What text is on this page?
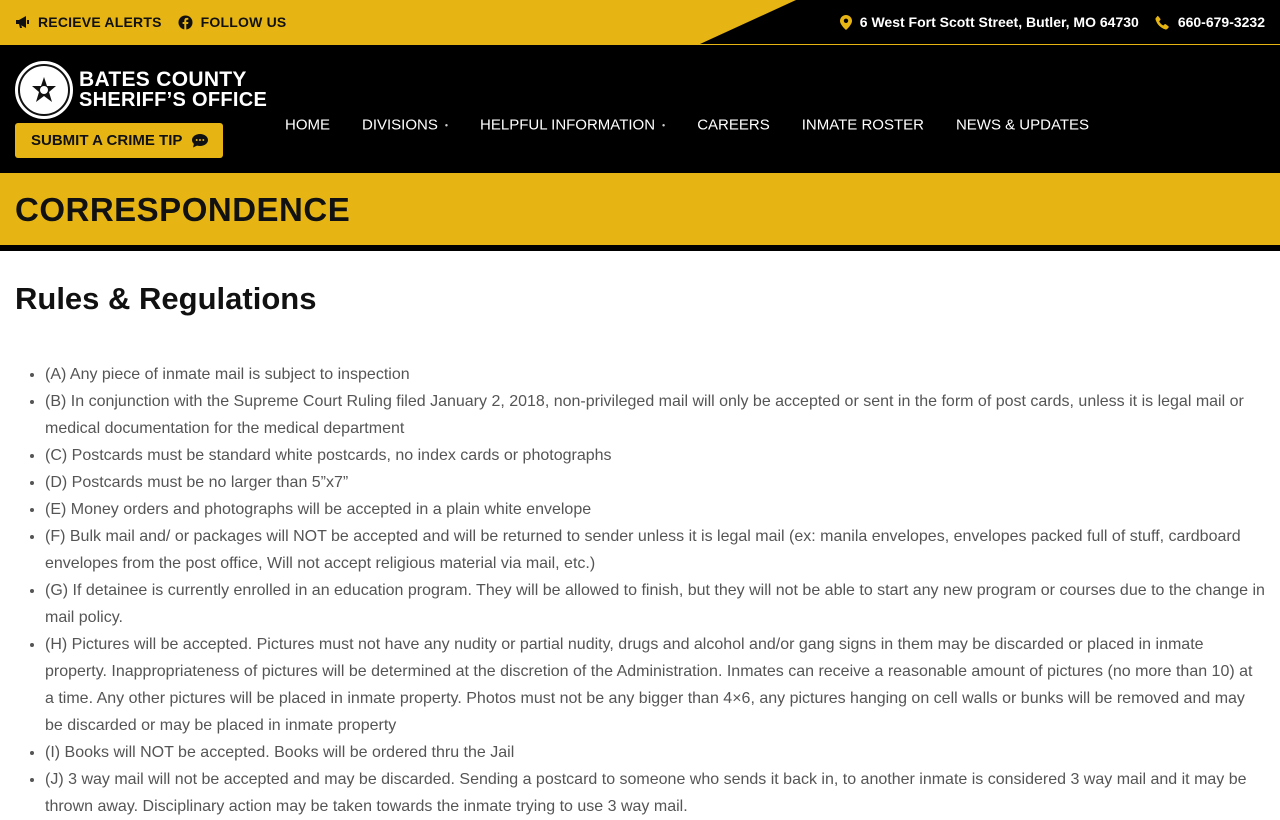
RECIEVE ALERTS	FOLLOW US	6 West Fort Scott Street, Butler, MO 64730	660-679-3232
BATES COUNTY
SHERIFF’S OFFICE
HOME DIVISIONS • HELPFUL INFORMATION • CAREERS INMATE ROSTER NEWS & UPDATES
SUBMIT A CRIME TIP
CORRESPONDENCE
Rules & Regulations
• (A) Any piece of inmate mail is subject to inspection
• (B) In conjunction with the Supreme Court Ruling filed January 2, 2018, non-privileged mail will only be accepted or sent in the form of post cards, unless it is legal mail or medical documentation for the medical department
• (C) Postcards must be standard white postcards, no index cards or photographs
• (D) Postcards must be no larger than 5”x7”
• (E) Money orders and photographs will be accepted in a plain white envelope
• (F) Bulk mail and/ or packages will NOT be accepted and will be returned to sender unless it is legal mail (ex: manila envelopes, envelopes packed full of stuff, cardboard envelopes from the post office, Will not accept religious material via mail, etc.)
• (G) If detainee is currently enrolled in an education program. They will be allowed to finish, but they will not be able to start any new program or courses due to the change in mail policy.
• (H) Pictures will be accepted. Pictures must not have any nudity or partial nudity, drugs and alcohol and/or gang signs in them may be discarded or placed in inmate property. Inappropriateness of pictures will be determined at the discretion of the Administration. Inmates can receive a reasonable amount of pictures (no more than 10) at a time. Any other pictures will be placed in inmate property. Photos must not be any bigger than 4×6, any pictures hanging on cell walls or bunks will be removed and may be discarded or may be placed in inmate property
• (I) Books will NOT be accepted. Books will be ordered thru the Jail
• (J) 3 way mail will not be accepted and may be discarded. Sending a postcard to someone who sends it back in, to another inmate is considered 3 way mail and it may be thrown away. Disciplinary action may be taken towards the inmate trying to use 3 way mail.
